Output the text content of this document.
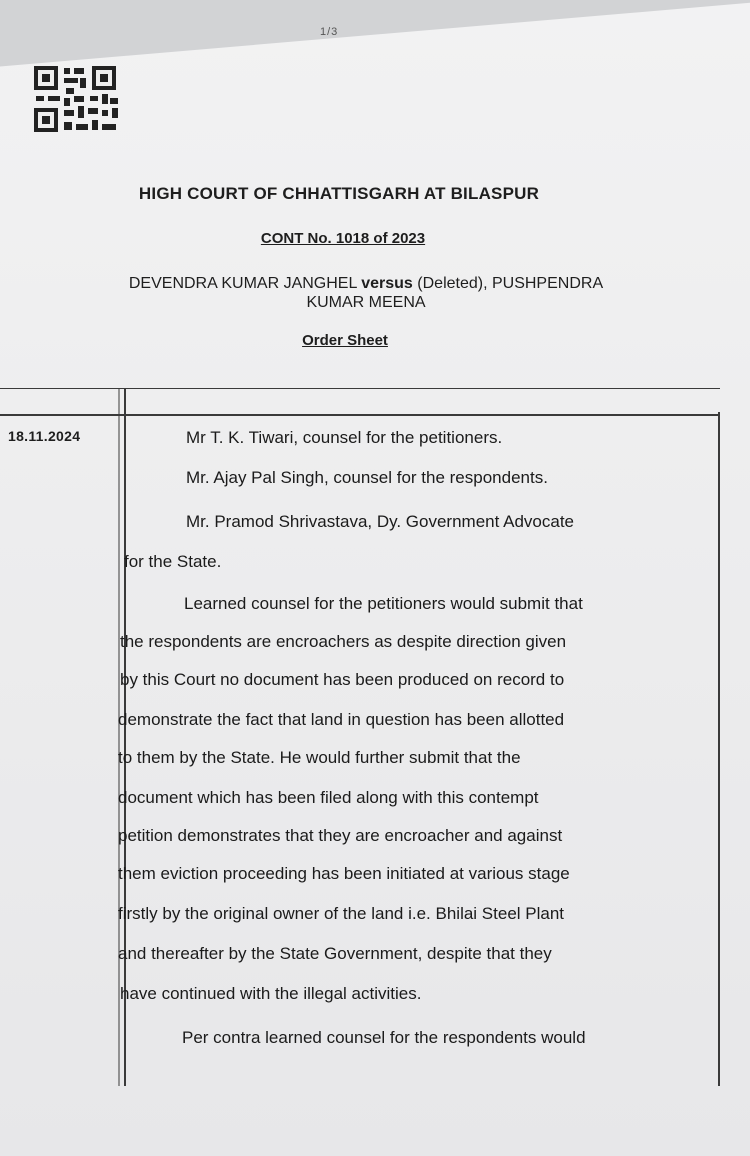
1/3
HIGH COURT OF CHHATTISGARH AT BILASPUR
CONT No. 1018 of 2023
DEVENDRA KUMAR JANGHEL versus (Deleted), PUSHPENDRA
KUMAR MEENA
Order Sheet
18.11.2024	Mr T. K. Tiwari, counsel for the petitioners.
Mr. Ajay Pal Singh, counsel for the respondents.
Mr. Pramod Shrivastava, Dy. Government Advocate
for the State.
Learned counsel for the petitioners would submit that
the respondents are encroachers as despite direction given
by this Court no document has been produced on record to
demonstrate the fact that land in question has been allotted
to them by the State. He would further submit that the
document which has been filed along with this contempt
petition demonstrates that they are encroacher and against
them eviction proceeding has been initiated at various stage
firstly by the original owner of the land i.e. Bhilai Steel Plant
and thereafter by the State Government, despite that they
have continued with the illegal activities.
Per contra learned counsel for the respondents would
